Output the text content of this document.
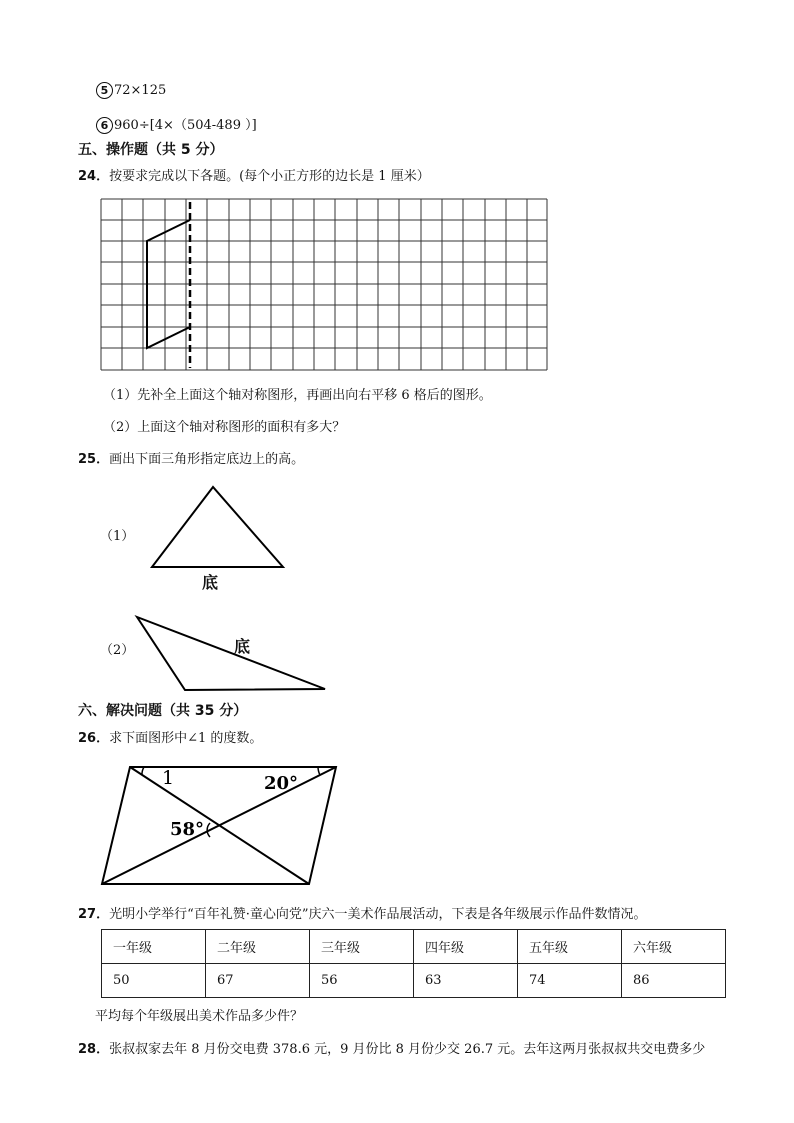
5 72×125
6 960÷[4×（504-489 ）]
五、操作题（共 5 分）
24．按要求完成以下各题。(每个小正方形的边长是 1 厘米）
（1）先补全上面这个轴对称图形，再画出向右平移 6 格后的图形。
（2）上面这个轴对称图形的面积有多大？
25．画出下面三角形指定底边上的高。
（1）
底
（2）	底
六、解决问题（共 35 分）
26．求下面图形中∠1 的度数。
1	20°
58°
27．光明小学举行“百年礼赞·童心向党”庆六一美术作品展活动，下表是各年级展示作品件数情况。
一年级	二年级	三年级	四年级	五年级	六年级
50	67	56	63	74	86
平均每个年级展出美术作品多少件？
28．张叔叔家去年 8 月份交电费 378.6 元，9 月份比 8 月份少交 26.7 元。去年这两月张叔叔共交电费多少
